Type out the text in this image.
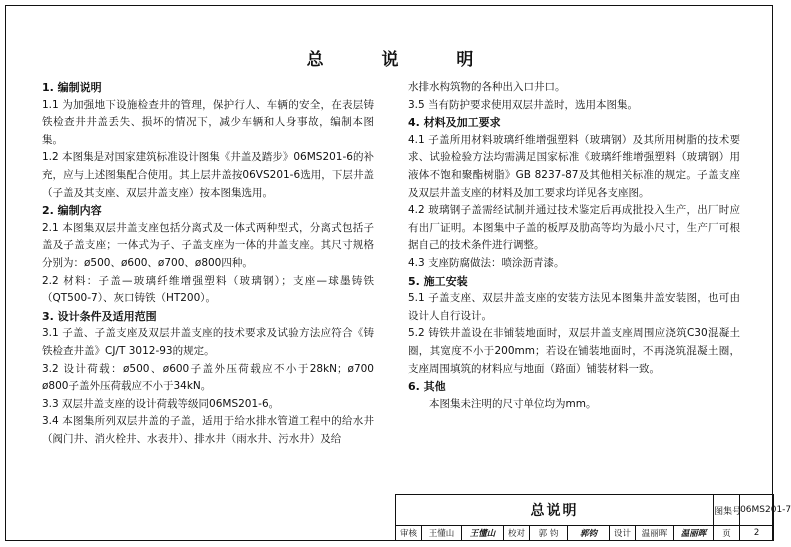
总 说 明
1. 编制说明
1.1 为加强地下设施检查井的管理，保护行人、车辆的安全，在表层铸铁检查井井盖丢失、损坏的情况下，减少车辆和人身事故，编制本图集。
1.2 本图集是对国家建筑标准设计图集《井盖及踏步》06MS201-6的补充，应与上述图集配合使用。其上层井盖按06VS201-6选用，下层井盖（子盖及其支座、双层井盖支座）按本图集选用。
2. 编制内容
2.1 本图集双层井盖支座包括分离式及一体式两种型式，分离式包括子盖及子盖支座；一体式为子、子盖支座为一体的井盖支座。其尺寸规格分别为：ø500、ø600、ø700、ø800四种。
2.2 材料：子盖—玻璃纤维增强塑料（玻璃钢）；支座—球墨铸铁（QT500-7）、灰口铸铁（HT200）。
3. 设计条件及适用范围
3.1 子盖、子盖支座及双层井盖支座的技术要求及试验方法应符合《铸铁检查井盖》CJ/T 3012-93的规定。
3.2 设计荷载：ø500、ø600子盖外压荷载应不小于28kN；ø700 ø800子盖外压荷载应不小于34kN。
3.3 双层井盖支座的设计荷载等级同06MS201-6。
3.4 本图集所列双层井盖的子盖，适用于给水排水管道工程中的给水井（阀门井、消火栓井、水表井）、排水井（雨水井、污水井）及给
水排水构筑物的各种出入口井口。
3.5 当有防护要求使用双层井盖时，选用本图集。
4. 材料及加工要求
4.1 子盖所用材料玻璃纤维增强塑料（玻璃钢）及其所用树脂的技术要求、试验检验方法均需满足国家标准《玻璃纤维增强塑料（玻璃钢）用液体不饱和聚酯树脂》GB 8237-87及其他相关标准的规定。子盖支座及双层井盖支座的材料及加工要求均详见各支座图。
4.2 玻璃钢子盖需经试制并通过技术鉴定后再成批投入生产，出厂时应有出厂证明。本图集中子盖的板厚及肋高等均为最小尺寸，生产厂可根据自己的技术条件进行调整。
4.3 支座防腐做法：喷涂沥青漆。
5. 施工安装
5.1 子盖支座、双层井盖支座的安装方法见本图集井盖安装图，也可由设计人自行设计。
5.2 铸铁井盖设在非铺装地面时，双层井盖支座周围应浇筑C30混凝土圈，其宽度不小于200mm；若设在铺装地面时，不再浇筑混凝土圈，支座周围填筑的材料应与地面（路面）铺装材料一致。
6. 其他
本图集未注明的尺寸单位均为mm。
总说明									图集号	06MS201-7
审核	王懂山	王懂山	校对	郭 钧	郭钧	设计	温丽晖	温丽晖	页	2
